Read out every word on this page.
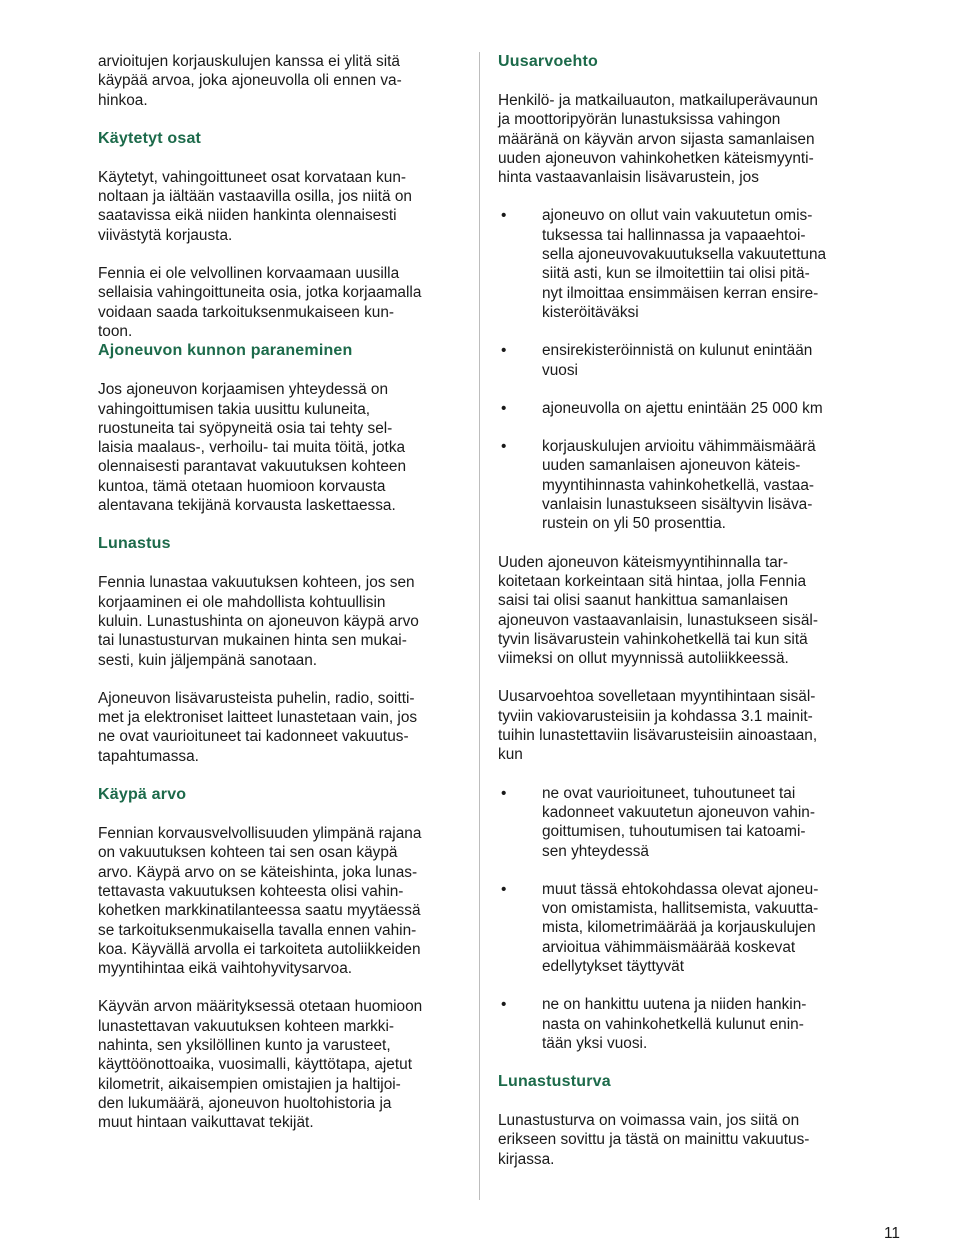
arvioitujen korjauskulujen kanssa ei ylitä sitä
käypää arvoa, joka ajoneuvolla oli ennen va-
hinkoa.

Käytetyt osat

Käytetyt, vahingoittuneet osat korvataan kun-
noltaan ja iältään vastaavilla osilla, jos niitä on
saatavissa eikä niiden hankinta olennaisesti
viivästytä korjausta.

Fennia ei ole velvollinen korvaamaan uusilla
sellaisia vahingoittuneita osia, jotka korjaamalla
voidaan saada tarkoituksenmukaiseen kun-
toon.

Ajoneuvon kunnon paraneminen

Jos ajoneuvon korjaamisen yhteydessä on
vahingoittumisen takia uusittu kuluneita,
ruostuneita tai syöpyneitä osia tai tehty sel-
laisia maalaus-, verhoilu- tai muita töitä, jotka
olennaisesti parantavat vakuutuksen kohteen
kuntoa, tämä otetaan huomioon korvausta
alentavana tekijänä korvausta laskettaessa.

Lunastus

Fennia lunastaa vakuutuksen kohteen, jos sen
korjaaminen ei ole mahdollista kohtuullisin
kuluin. Lunastushinta on ajoneuvon käypä arvo
tai lunastusturvan mukainen hinta sen mukai-
sesti, kuin jäljempänä sanotaan.

Ajoneuvon lisävarusteista puhelin, radio, soitti-
met ja elektroniset laitteet lunastetaan vain, jos
ne ovat vaurioituneet tai kadonneet vakuutus-
tapahtumassa.

Käypä arvo

Fennian korvausvelvollisuuden ylimpänä rajana
on vakuutuksen kohteen tai sen osan käypä
arvo. Käypä arvo on se käteishinta, joka lunas-
tettavasta vakuutuksen kohteesta olisi vahin-
kohetken markkinatilanteessa saatu myytäessä
se tarkoituksenmukaisella tavalla ennen vahin-
koa. Käyvällä arvolla ei tarkoiteta autoliikkeiden
myyntihintaa eikä vaihtohyvitysarvoa.

Käyvän arvon määrityksessä otetaan huomioon
lunastettavan vakuutuksen kohteen markki-
nahinta, sen yksilöllinen kunto ja varusteet,
käyttöönottoaika, vuosimalli, käyttötapa, ajetut
kilometrit, aikaisempien omistajien ja haltijoi-
den lukumäärä, ajoneuvon huoltohistoria ja
muut hintaan vaikuttavat tekijät.

Uusarvoehto

Henkilö- ja matkailuauton, matkailuperävaunun
ja moottoripyörän lunastuksissa vahingon
määränä on käyvän arvon sijasta samanlaisen
uuden ajoneuvon vahinkohetken käteismyynti-
hinta vastaavanlaisin lisävarustein, jos

• ajoneuvo on ollut vain vakuutetun omis-
tuksessa tai hallinnassa ja vapaaehtoi-
sella ajoneuvovakuutuksella vakuutettuna
siitä asti, kun se ilmoitettiin tai olisi pitä-
nyt ilmoittaa ensimmäisen kerran ensire-
kisteröitäväksi
• ensirekisteröinnistä on kulunut enintään
vuosi
• ajoneuvolla on ajettu enintään 25 000 km
• korjauskulujen arvioitu vähimmäismäärä
uuden samanlaisen ajoneuvon käteis-
myyntihinnasta vahinkohetkellä, vastaa-
vanlaisin lunastukseen sisältyvin lisäva-
rustein on yli 50 prosenttia.

Uuden ajoneuvon käteismyyntihinnalla tar-
koitetaan korkeintaan sitä hintaa, jolla Fennia
saisi tai olisi saanut hankittua samanlaisen
ajoneuvon vastaavanlaisin, lunastukseen sisäl-
tyvin lisävarustein vahinkohetkellä tai kun sitä
viimeksi on ollut myynnissä autoliikkeessä.

Uusarvoehtoa sovelletaan myyntihintaan sisäl-
tyviin vakiovarusteisiin ja kohdassa 3.1 mainit-
tuihin lunastettaviin lisävarusteisiin ainoastaan,
kun

• ne ovat vaurioituneet, tuhoutuneet tai
kadonneet vakuutetun ajoneuvon vahin-
goittumisen, tuhoutumisen tai katoami-
sen yhteydessä
• muut tässä ehtokohdassa olevat ajoneu-
von omistamista, hallitsemista, vakuutta-
mista, kilometrimäärää ja korjauskulujen
arvioitua vähimmäismäärää koskevat
edellytykset täyttyvät
• ne on hankittu uutena ja niiden hankin-
nasta on vahinkohetkellä kulunut enin-
tään yksi vuosi.
Lunastusturva

Lunastusturva on voimassa vain, jos siitä on
erikseen sovittu ja tästä on mainittu vakuutus-
kirjassa.

11
